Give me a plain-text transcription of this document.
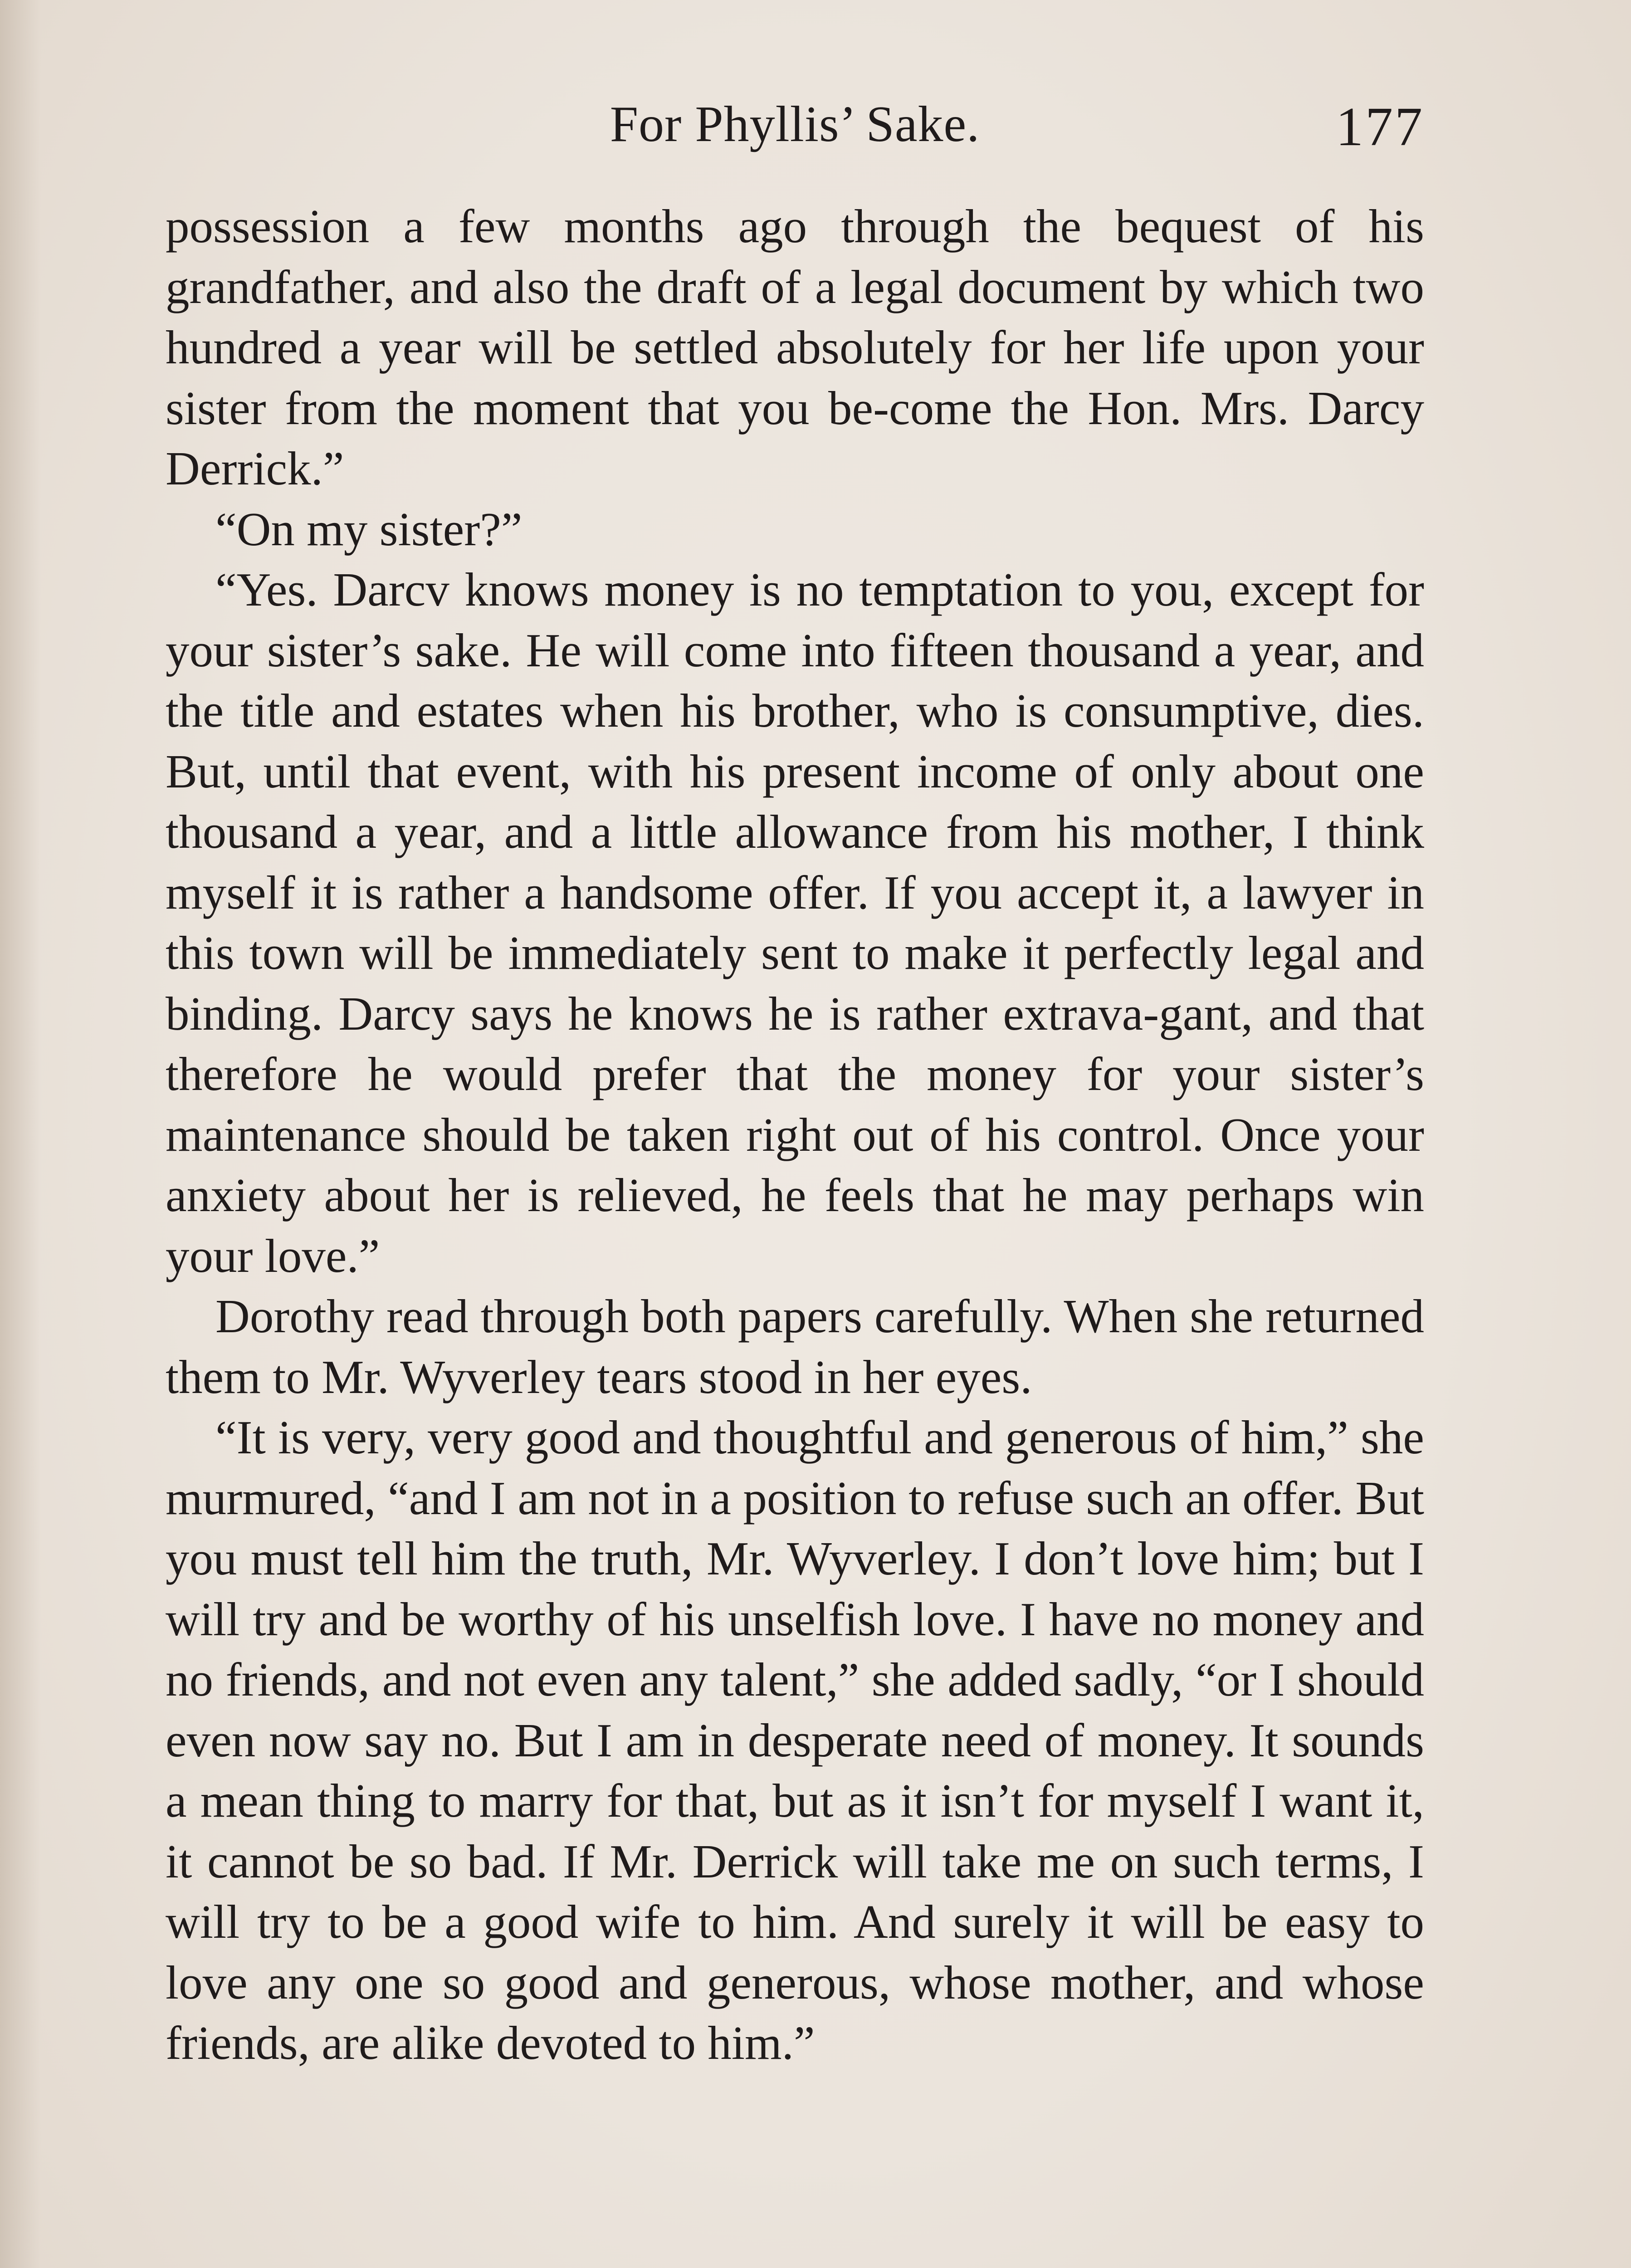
For Phyllis’ Sake.	177

possession a few months ago through the bequest of his grandfather, and also the draft of a legal document by which two hundred a year will be settled absolutely for her life upon your sister from the moment that you be-come the Hon. Mrs. Darcy Derrick.”

“On my sister?”

“Yes. Darcv knows money is no temptation to you, except for your sister’s sake. He will come into fifteen thousand a year, and the title and estates when his brother, who is consumptive, dies. But, until that event, with his present income of only about one thousand a year, and a little allowance from his mother, I think myself it is rather a handsome offer. If you accept it, a lawyer in this town will be immediately sent to make it perfectly legal and binding. Darcy says he knows he is rather extrava-gant, and that therefore he would prefer that the money for your sister’s maintenance should be taken right out of his control. Once your anxiety about her is relieved, he feels that he may perhaps win your love.”

Dorothy read through both papers carefully. When she returned them to Mr. Wyverley tears stood in her eyes.

“It is very, very good and thoughtful and generous of him,” she murmured, “and I am not in a position to refuse such an offer. But you must tell him the truth, Mr. Wyverley. I don’t love him; but I will try and be worthy of his unselfish love. I have no money and no friends, and not even any talent,” she added sadly, “or I should even now say no. But I am in desperate need of money. It sounds a mean thing to marry for that, but as it isn’t for myself I want it, it cannot be so bad. If Mr. Derrick will take me on such terms, I will try to be a good wife to him. And surely it will be easy to love any one so good and generous, whose mother, and whose friends, are alike devoted to him.”
